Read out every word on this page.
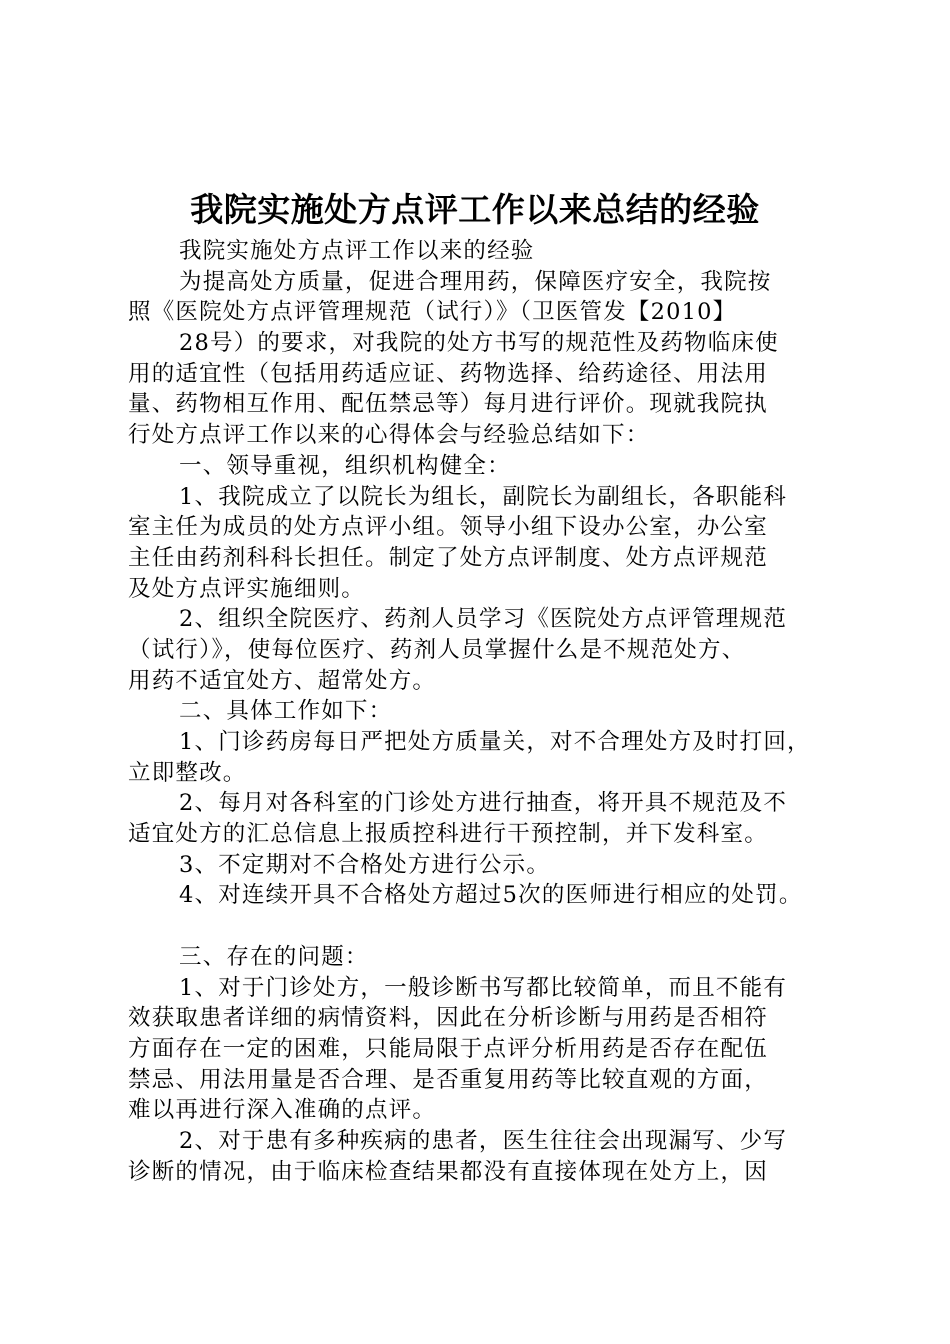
我院实施处方点评工作以来总结的经验
我院实施处方点评工作以来的经验
为提高处方质量，促进合理用药，保障医疗安全，我院按
照《医院处方点评管理规范（试行）》（卫医管发【2010】
28号）的要求，对我院的处方书写的规范性及药物临床使
用的适宜性（包括用药适应证、药物选择、给药途径、用法用
量、药物相互作用、配伍禁忌等）每月进行评价。现就我院执
行处方点评工作以来的心得体会与经验总结如下：
一、领导重视，组织机构健全：
1、我院成立了以院长为组长，副院长为副组长，各职能科
室主任为成员的处方点评小组。领导小组下设办公室，办公室
主任由药剂科科长担任。制定了处方点评制度、处方点评规范
及处方点评实施细则。
2、组织全院医疗、药剂人员学习《医院处方点评管理规范
（试行）》，使每位医疗、药剂人员掌握什么是不规范处方、
用药不适宜处方、超常处方。
二、具体工作如下：
1、门诊药房每日严把处方质量关，对不合理处方及时打回，
立即整改。
2、每月对各科室的门诊处方进行抽查，将开具不规范及不
适宜处方的汇总信息上报质控科进行干预控制，并下发科室。
3、不定期对不合格处方进行公示。
4、对连续开具不合格处方超过5次的医师进行相应的处罚。
三、存在的问题：
1、对于门诊处方，一般诊断书写都比较简单，而且不能有
效获取患者详细的病情资料，因此在分析诊断与用药是否相符
方面存在一定的困难，只能局限于点评分析用药是否存在配伍
禁忌、用法用量是否合理、是否重复用药等比较直观的方面，
难以再进行深入准确的点评。
2、对于患有多种疾病的患者，医生往往会出现漏写、少写
诊断的情况，由于临床检查结果都没有直接体现在处方上，因
